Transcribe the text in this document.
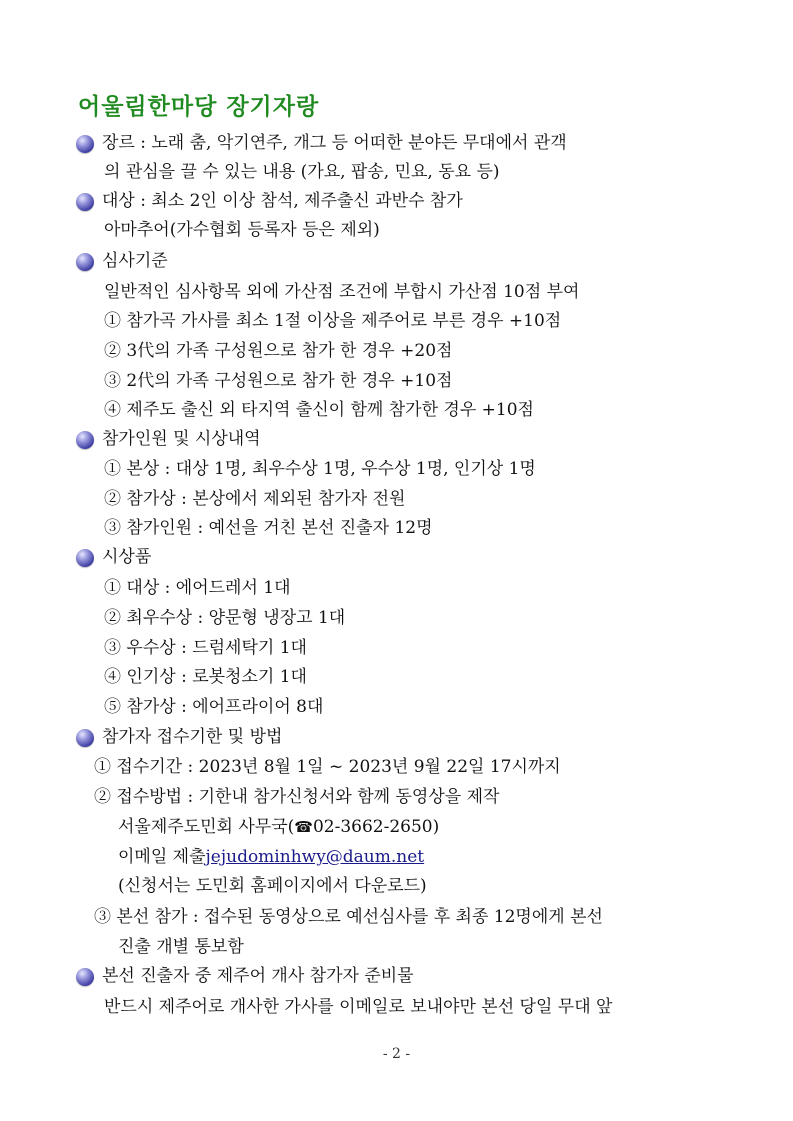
어울림한마당 장기자랑
장르 : 노래 춤, 악기연주, 개그 등 어떠한 분야든 무대에서 관객
의 관심을 끌 수 있는 내용 (가요, 팝송, 민요, 동요 등)
대상 : 최소 2인 이상 참석, 제주출신 과반수 참가
아마추어(가수협회 등록자 등은 제외)
심사기준
일반적인 심사항목 외에 가산점 조건에 부합시 가산점 10점 부여
① 참가곡 가사를 최소 1절 이상을 제주어로 부른 경우 +10점
② 3代의 가족 구성원으로 참가 한 경우 +20점
③ 2代의 가족 구성원으로 참가 한 경우 +10점
④ 제주도 출신 외 타지역 출신이 함께 참가한 경우 +10점
참가인원 및 시상내역
① 본상 : 대상 1명, 최우수상 1명, 우수상 1명, 인기상 1명
② 참가상 : 본상에서 제외된 참가자 전원
③ 참가인원 : 예선을 거친 본선 진출자 12명
시상품
① 대상 : 에어드레서 1대
② 최우수상 : 양문형 냉장고 1대
③ 우수상 : 드럼세탁기 1대
④ 인기상 : 로봇청소기 1대
⑤ 참가상 : 에어프라이어 8대
참가자 접수기한 및 방법
① 접수기간 : 2023년 8월 1일 ~ 2023년 9월 22일 17시까지
② 접수방법 : 기한내 참가신청서와 함께 동영상을 제작
서울제주도민회 사무국(☎02-3662-2650)
이메일 제출jejudominhwy@daum.net
(신청서는 도민회 홈페이지에서 다운로드)
③ 본선 참가 : 접수된 동영상으로 예선심사를 후 최종 12명에게 본선
진출 개별 통보함
본선 진출자 중 제주어 개사 참가자 준비물
반드시 제주어로 개사한 가사를 이메일로 보내야만 본선 당일 무대 앞
- 2 -
